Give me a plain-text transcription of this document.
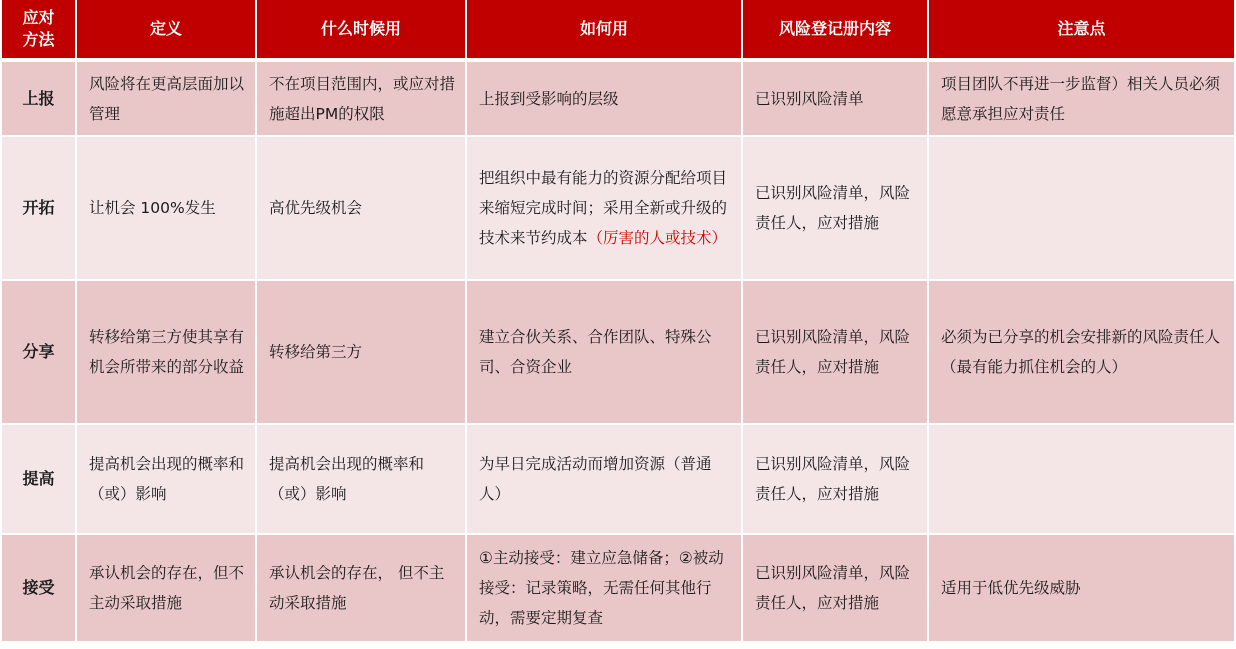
应对方法	定义	什么时候用	如何用	风险登记册内容	注意点
上报	风险将在更高层面加以管理	不在项目范围内，或应对措施超出PM的权限	上报到受影响的层级	已识别风险清单	项目团队不再进一步监督）相关人员必须愿意承担应对责任
开拓	让机会 100%发生	高优先级机会	把组织中最有能力的资源分配给项目来缩短完成时间；采用全新或升级的技术来节约成本（厉害的人或技术）	已识别风险清单，风险责任人，应对措施	
分享	转移给第三方使其享有机会所带来的部分收益	转移给第三方	建立合伙关系、合作团队、特殊公司、合资企业	已识别风险清单，风险责任人，应对措施	必须为已分享的机会安排新的风险责任人（最有能力抓住机会的人）
提高	提高机会出现的概率和（或）影响	提高机会出现的概率和（或）影响	为早日完成活动而增加资源（普通人）	已识别风险清单，风险责任人，应对措施	
接受	承认机会的存在，但不主动采取措施	承认机会的存在， 但不主动采取措施	①主动接受：建立应急储备；②被动接受：记录策略，无需任何其他行动，需要定期复查	已识别风险清单，风险责任人，应对措施	适用于低优先级威胁
